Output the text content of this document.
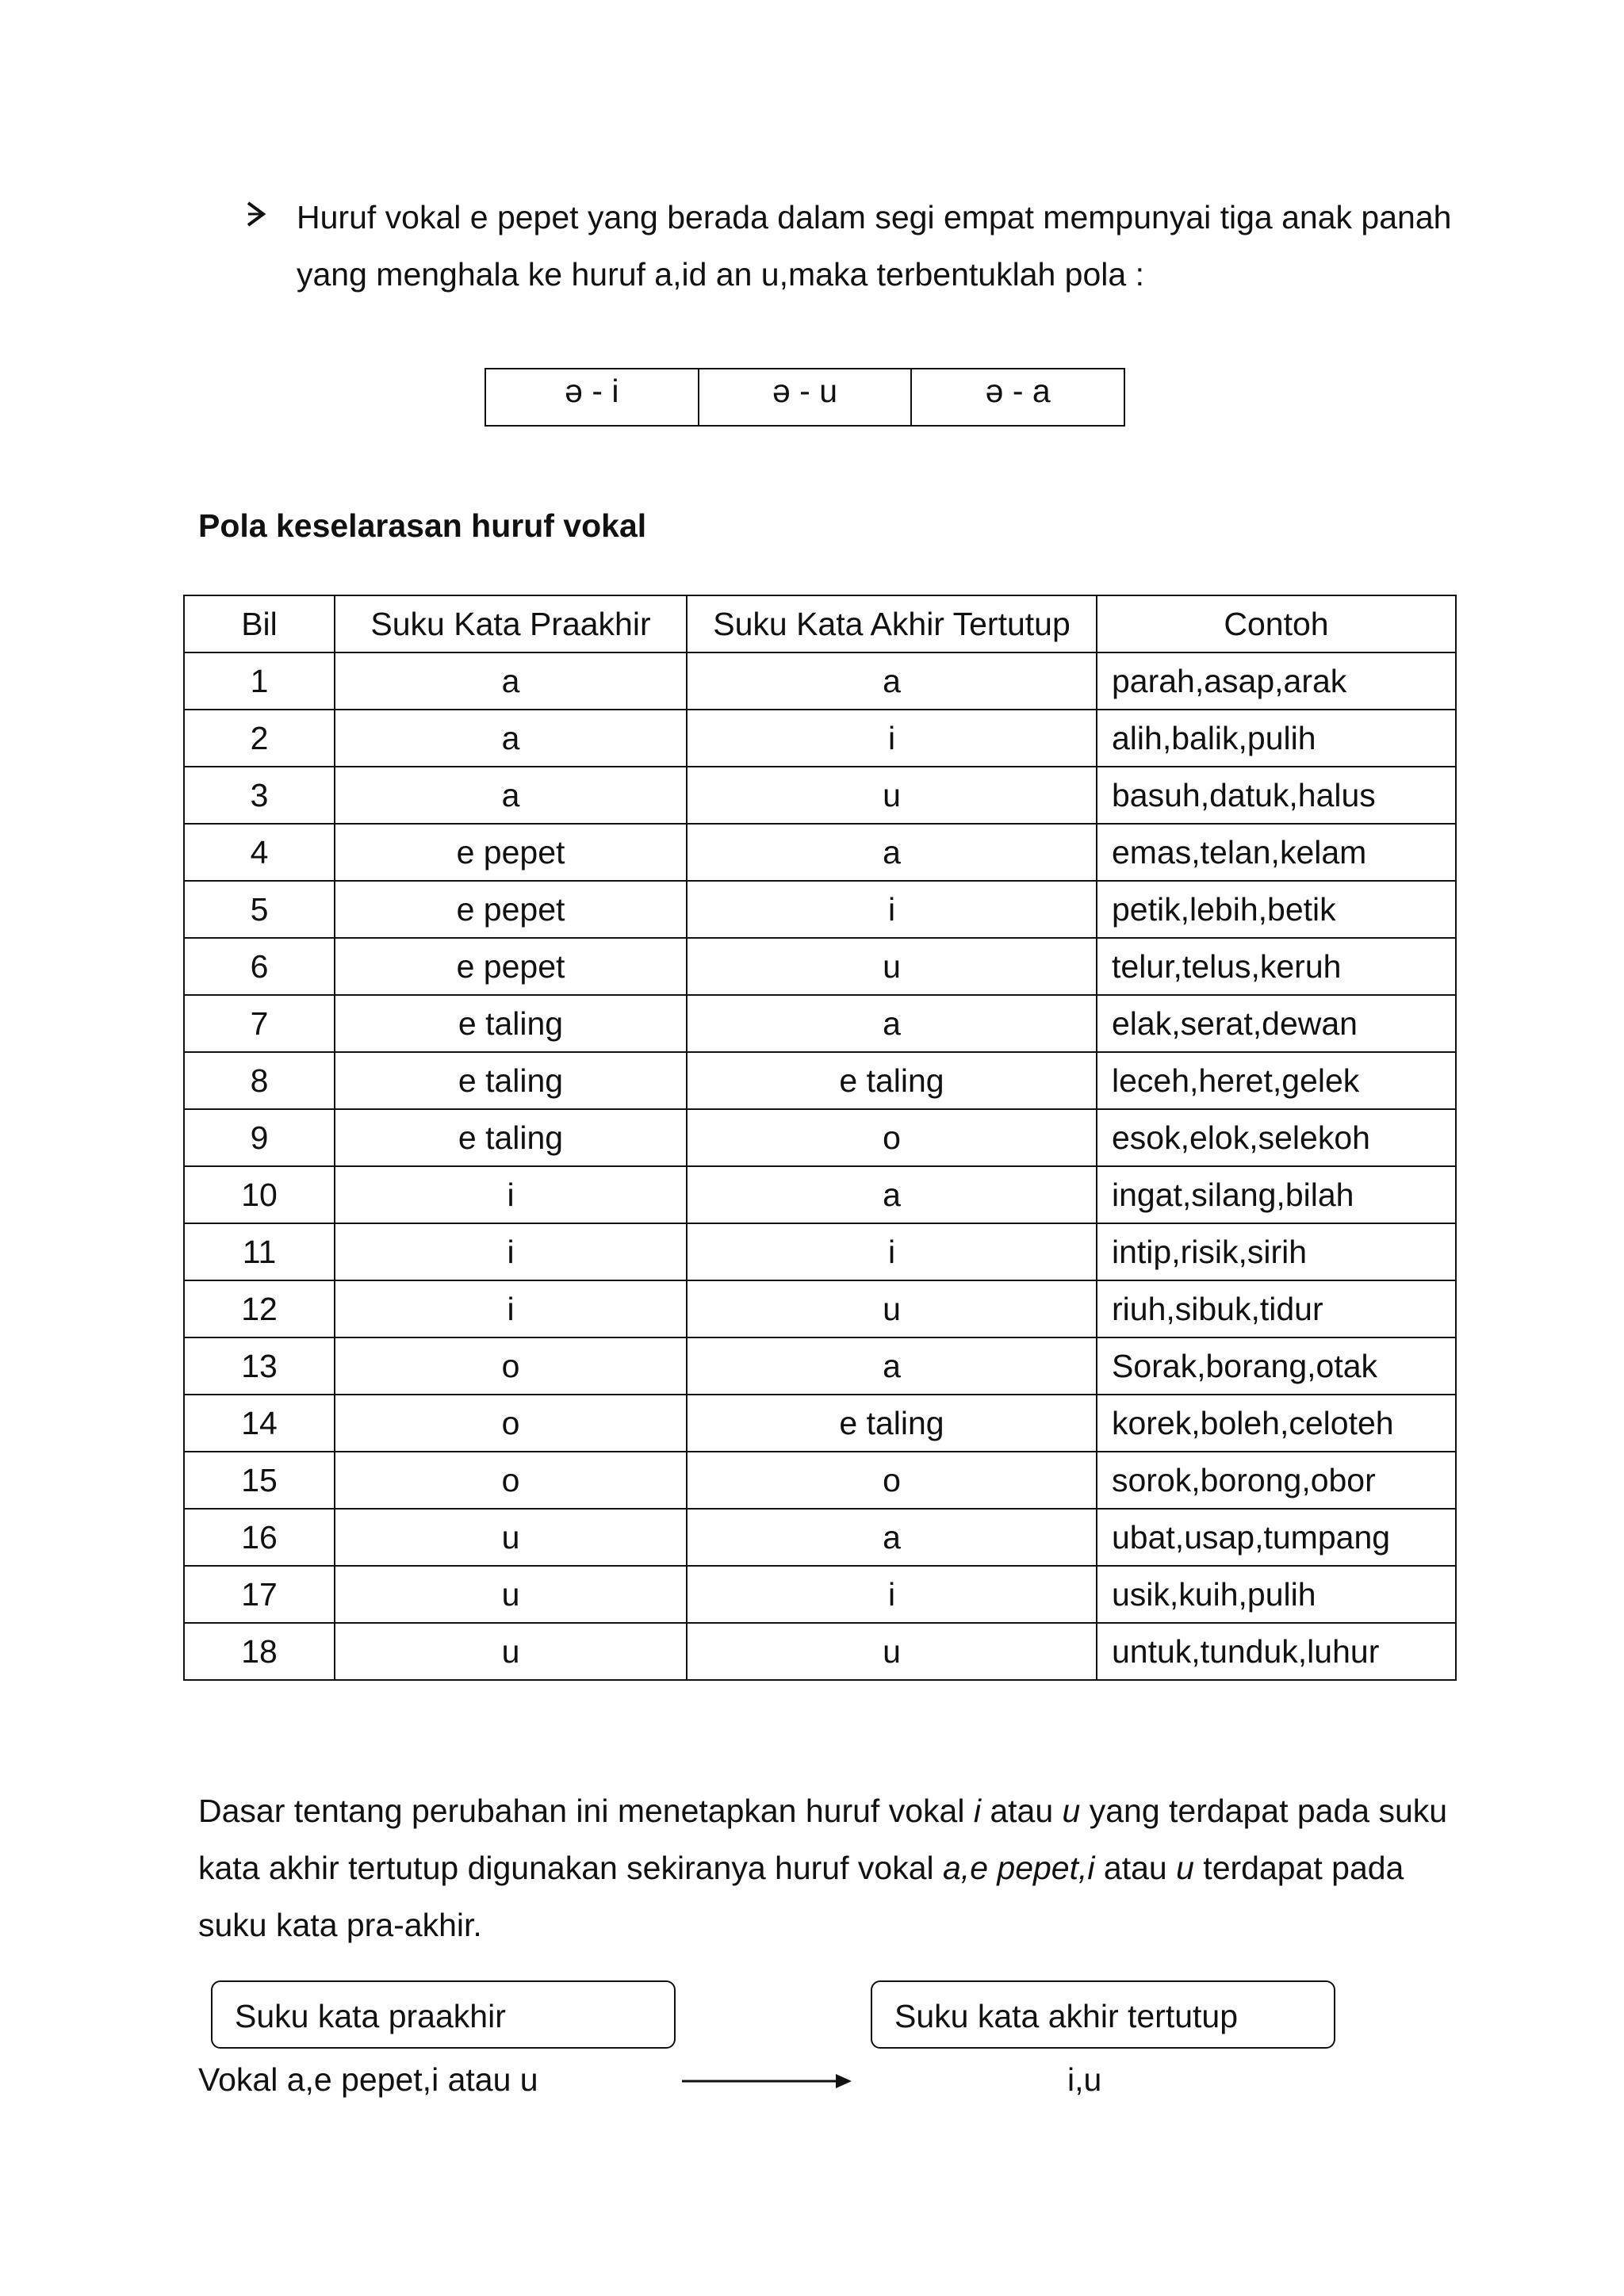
Huruf vokal e pepet yang berada dalam segi empat mempunyai tiga anak panah yang menghala ke huruf a,id an u,maka terbentuklah pola :
ə - i	ə - u	ə - a
Pola keselarasan huruf vokal
Bil	Suku Kata Praakhir	Suku Kata Akhir Tertutup	Contoh
1	a	a	parah,asap,arak
2	a	i	alih,balik,pulih
3	a	u	basuh,datuk,halus
4	e pepet	a	emas,telan,kelam
5	e pepet	i	petik,lebih,betik
6	e pepet	u	telur,telus,keruh
7	e taling	a	elak,serat,dewan
8	e taling	e taling	leceh,heret,gelek
9	e taling	o	esok,elok,selekoh
10	i	a	ingat,silang,bilah
11	i	i	intip,risik,sirih
12	i	u	riuh,sibuk,tidur
13	o	a	Sorak,borang,otak
14	o	e taling	korek,boleh,celoteh
15	o	o	sorok,borong,obor
16	u	a	ubat,usap,tumpang
17	u	i	usik,kuih,pulih
18	u	u	untuk,tunduk,luhur
Dasar tentang perubahan ini menetapkan huruf vokal i atau u yang terdapat pada suku kata akhir tertutup digunakan sekiranya huruf vokal a,e pepet,i atau u terdapat pada suku kata pra-akhir.
Suku kata praakhir	Suku kata akhir tertutup
Vokal a,e pepet,i atau u	i,u
